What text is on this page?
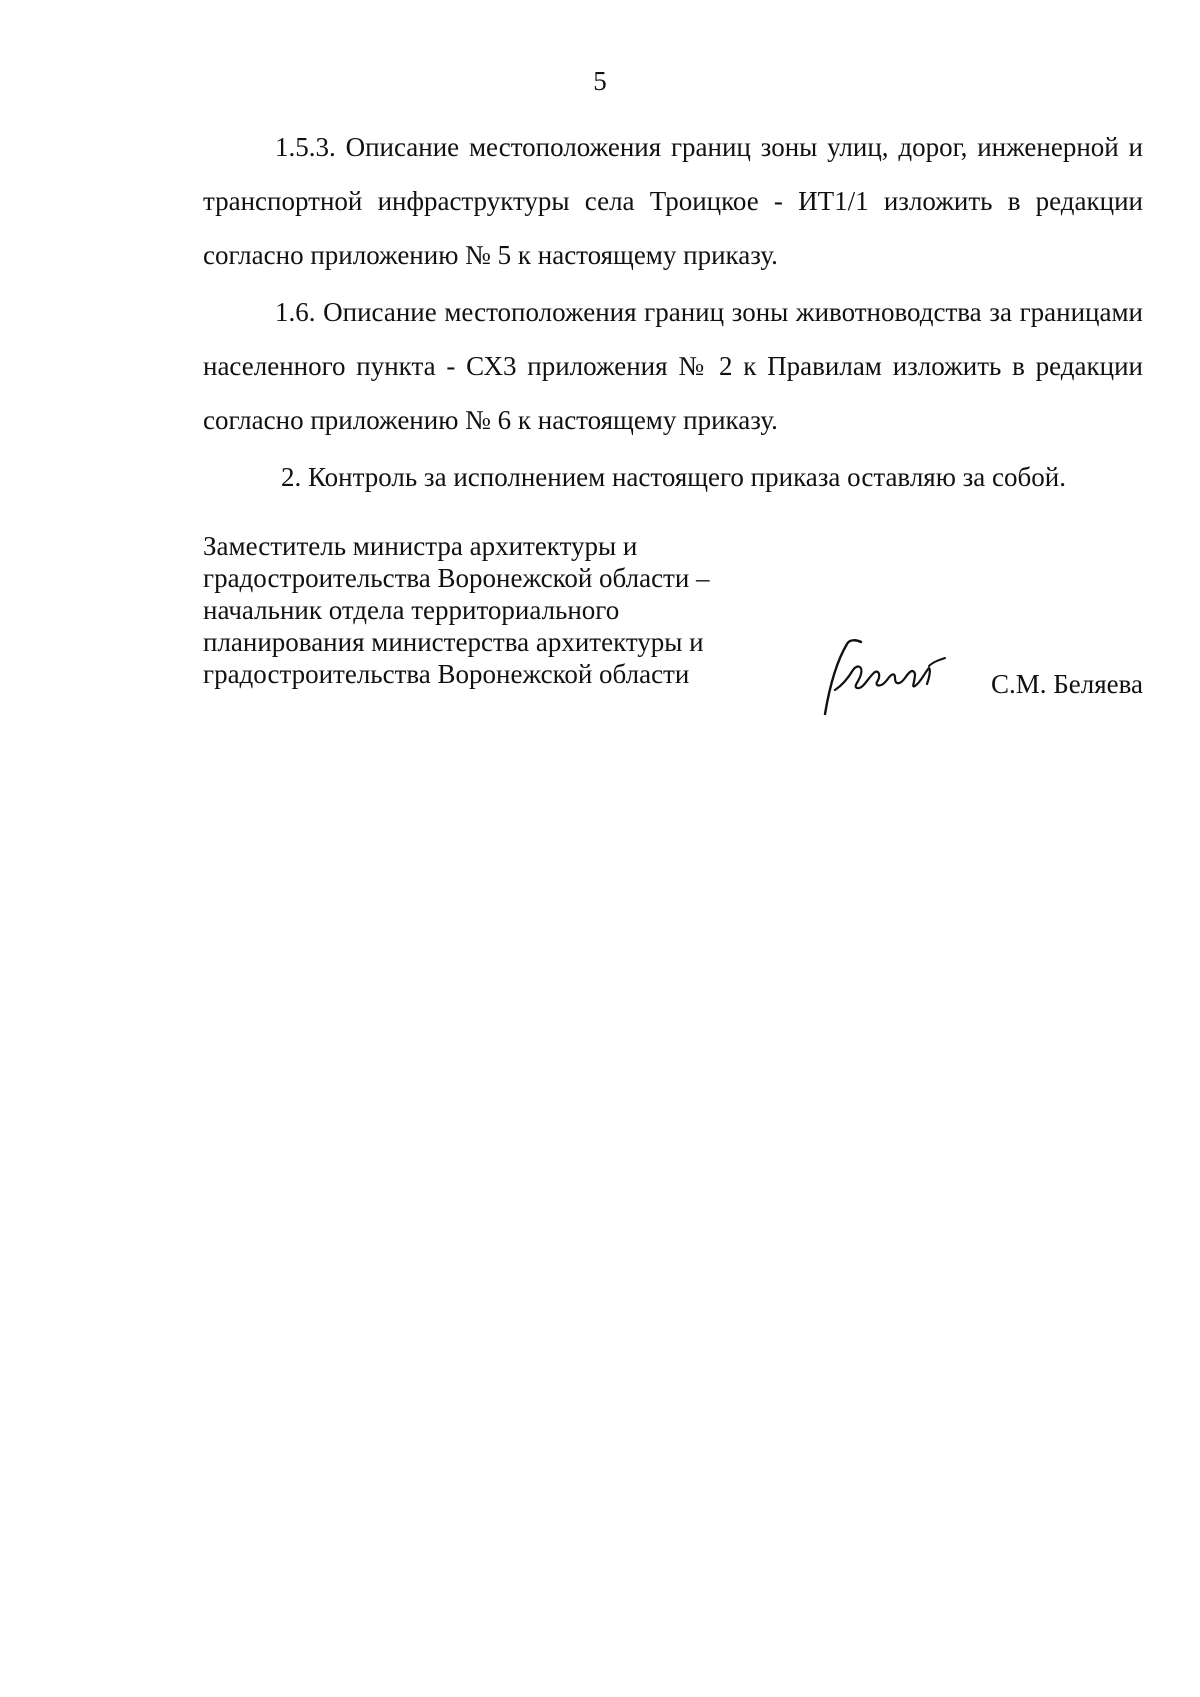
5

1.5.3. Описание местоположения границ зоны улиц, дорог, инженерной и транспортной инфраструктуры села Троицкое - ИТ1/1 изложить в редакции согласно приложению № 5 к настоящему приказу.

1.6. Описание местоположения границ зоны животноводства за границами населенного пункта - СХ3 приложения № 2 к Правилам изложить в редакции согласно приложению № 6 к настоящему приказу.

2. Контроль за исполнением настоящего приказа оставляю за собой.

Заместитель министра архитектуры и
градостроительства Воронежской области –
начальник отдела территориального
планирования министерства архитектуры и
градостроительства Воронежской области	С.М. Беляева
